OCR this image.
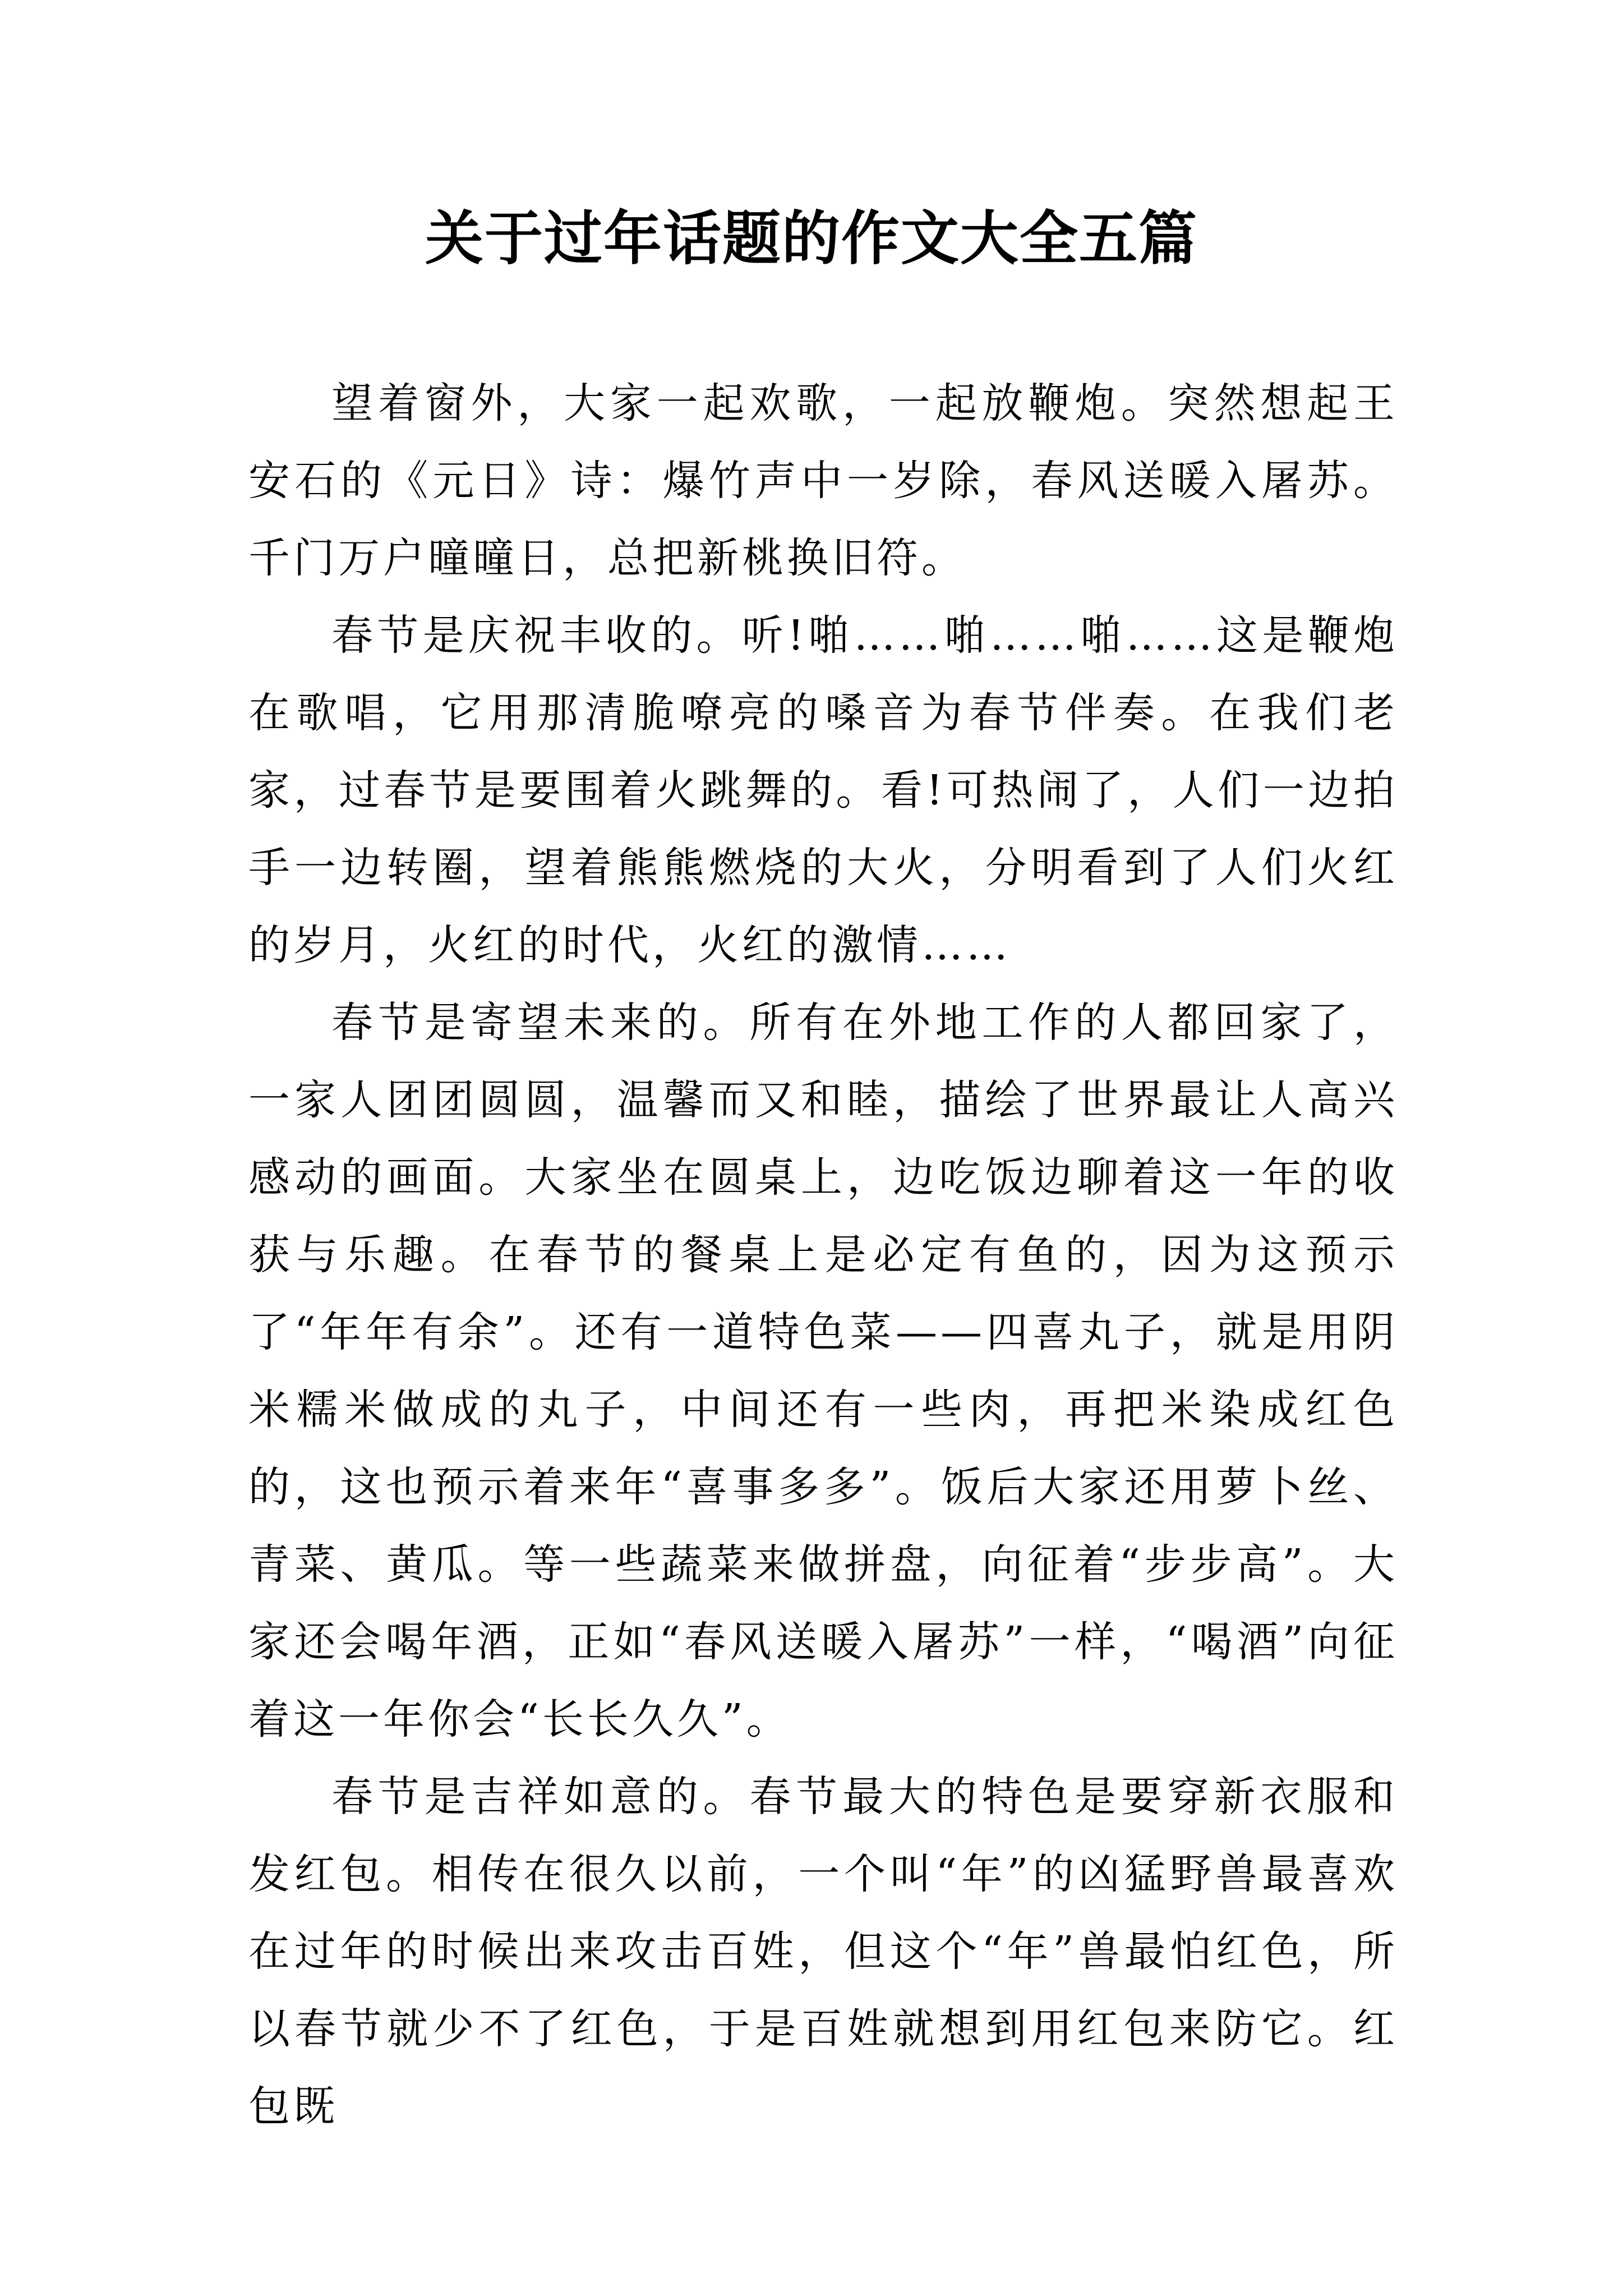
关于过年话题的作文大全五篇

望着窗外，大家一起欢歌，一起放鞭炮。突然想起王安石的《元日》诗：爆竹声中一岁除，春风送暖入屠苏。千门万户曈曈日，总把新桃换旧符。

春节是庆祝丰收的。听!啪……啪……啪……这是鞭炮在歌唱，它用那清脆嘹亮的嗓音为春节伴奏。在我们老家，过春节是要围着火跳舞的。看!可热闹了，人们一边拍手一边转圈，望着熊熊燃烧的大火，分明看到了人们火红的岁月，火红的时代，火红的激情……

春节是寄望未来的。所有在外地工作的人都回家了，一家人团团圆圆，温馨而又和睦，描绘了世界最让人高兴感动的画面。大家坐在圆桌上，边吃饭边聊着这一年的收获与乐趣。在春节的餐桌上是必定有鱼的，因为这预示了“年年有余”。还有一道特色菜——四喜丸子，就是用阴米糯米做成的丸子，中间还有一些肉，再把米染成红色的，这也预示着来年“喜事多多”。饭后大家还用萝卜丝、青菜、黄瓜。等一些蔬菜来做拼盘，向征着“步步高”。大家还会喝年酒，正如“春风送暖入屠苏”一样，“喝酒”向征着这一年你会“长长久久”。

春节是吉祥如意的。春节最大的特色是要穿新衣服和发红包。相传在很久以前，一个叫“年”的凶猛野兽最喜欢在过年的时候出来攻击百姓，但这个“年”兽最怕红色，所以春节就少不了红色，于是百姓就想到用红包来防它。红包既
